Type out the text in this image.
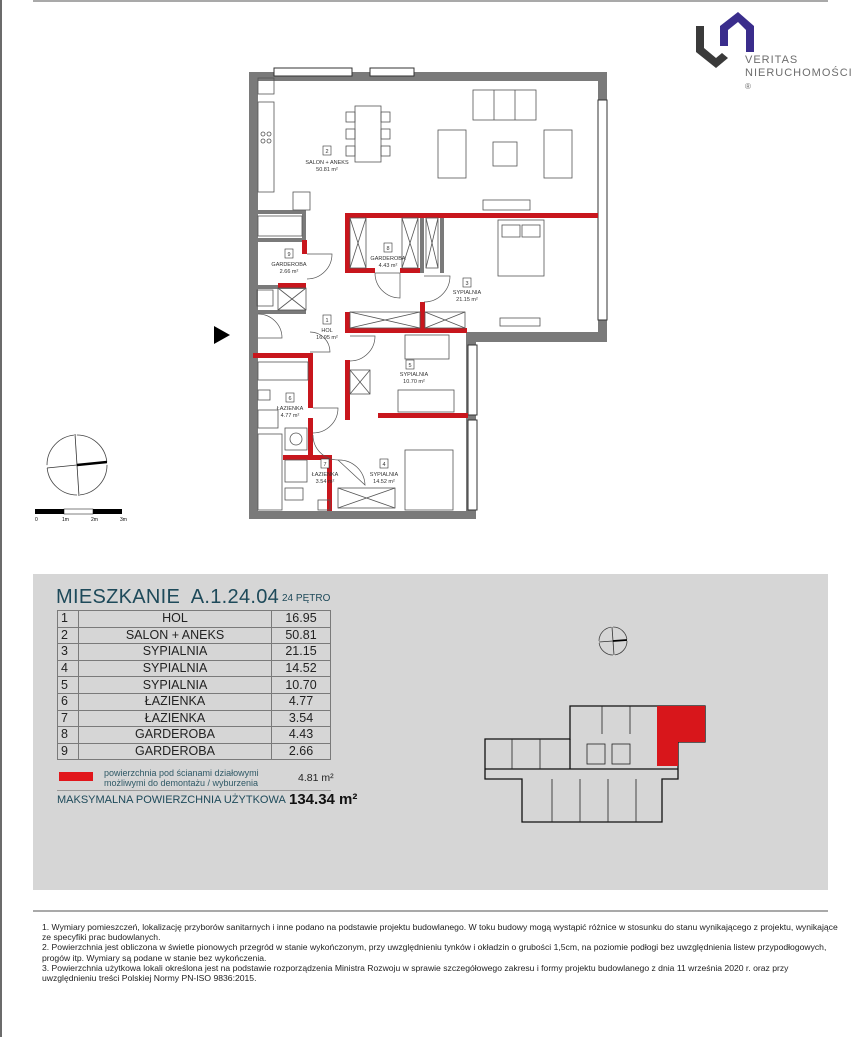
VERITAS
NIERUCHOMOŚCI ®
2
SALON + ANEKS
50.81 m²
8
GARDEROBA
4.43 m²
9
GARDEROBA
2.66 m²
3
SYPIALNIA
21.15 m²
1
HOL
16.95 m²
5
SYPIALNIA
10.70 m²
6
ŁAZIENKA
4.77 m²
7
ŁAZIENKA
3.54 m²
4
SYPIALNIA
14.52 m²
0	1m	2m	3m
MIESZKANIE  A.1.24.04 24 PĘTRO
1	HOL	16.95
2	SALON + ANEKS	50.81
3	SYPIALNIA	21.15
4	SYPIALNIA	14.52
5	SYPIALNIA	10.70
6	ŁAZIENKA	4.77
7	ŁAZIENKA	3.54
8	GARDEROBA	4.43
9	GARDEROBA	2.66
powierzchnia pod ścianami działowymi
możliwymi do demontażu / wyburzenia	4.81 m²
MAKSYMALNA POWIERZCHNIA UŻYTKOWA 134.34 m²

1. Wymiary pomieszczeń, lokalizację przyborów sanitarnych i inne podano na podstawie projektu budowlanego. W toku budowy mogą wystąpić różnice w stosunku do stanu wynikającego z projektu, wynikające ze specyfiki prac budowlanych.

2. Powierzchnia jest obliczona w świetle pionowych przegród w stanie wykończonym, przy uwzględnieniu tynków i okładzin o grubości 1,5cm, na poziomie podłogi bez uwzględnienia listew przypodłogowych, progów itp. Wymiary są podane w stanie bez wykończenia.

3. Powierzchnia użytkowa lokali określona jest na podstawie rozporządzenia Ministra Rozwoju w sprawie szczegółowego zakresu i formy projektu budowlanego z dnia 11 września 2020 r. oraz przy uwzględnieniu treści Polskiej Normy PN-ISO 9836:2015.
